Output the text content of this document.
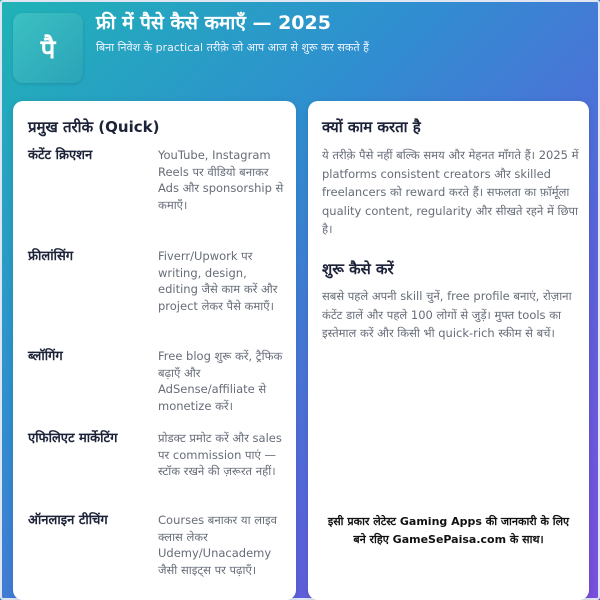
पै
फ्री में पैसे कैसे कमाएँ — 2025
बिना निवेश के practical तरीक़े जो आप आज से शुरू कर सकते हैं
प्रमुख तरीके (Quick)
कंटेंट क्रिएशन	YouTube, Instagram Reels पर वीडियो बनाकर Ads और sponsorship से कमाएँ।
फ्रीलांसिंग	Fiverr/Upwork पर writing, design, editing जैसे काम करें और project लेकर पैसे कमाएँ।
ब्लॉगिंग	Free blog शुरू करें, ट्रैफिक बढ़ाएँ और AdSense/affiliate से monetize करें।
एफिलिएट मार्केटिंग	प्रोडक्ट प्रमोट करें और sales पर commission पाएं — स्टॉक रखने की ज़रूरत नहीं।
ऑनलाइन टीचिंग	Courses बनाकर या लाइव क्लास लेकर Udemy/Unacademy जैसी साइट्स पर पढ़ाएँ।
क्यों काम करता है
ये तरीक़े पैसे नहीं बल्कि समय और मेहनत माँगते हैं। 2025 में platforms consistent creators और skilled freelancers को reward करते हैं। सफलता का फ़ॉर्मूला quality content, regularity और सीखते रहने में छिपा है।
शुरू कैसे करें
सबसे पहले अपनी skill चुनें, free profile बनाएं, रोज़ाना कंटेंट डालें और पहले 100 लोगों से जुड़ें। मुफ्त tools का इस्तेमाल करें और किसी भी quick-rich स्कीम से बचें।
इसी प्रकार लेटेस्ट Gaming Apps की जानकारी के लिए बने रहिए GameSePaisa.com के साथ।
